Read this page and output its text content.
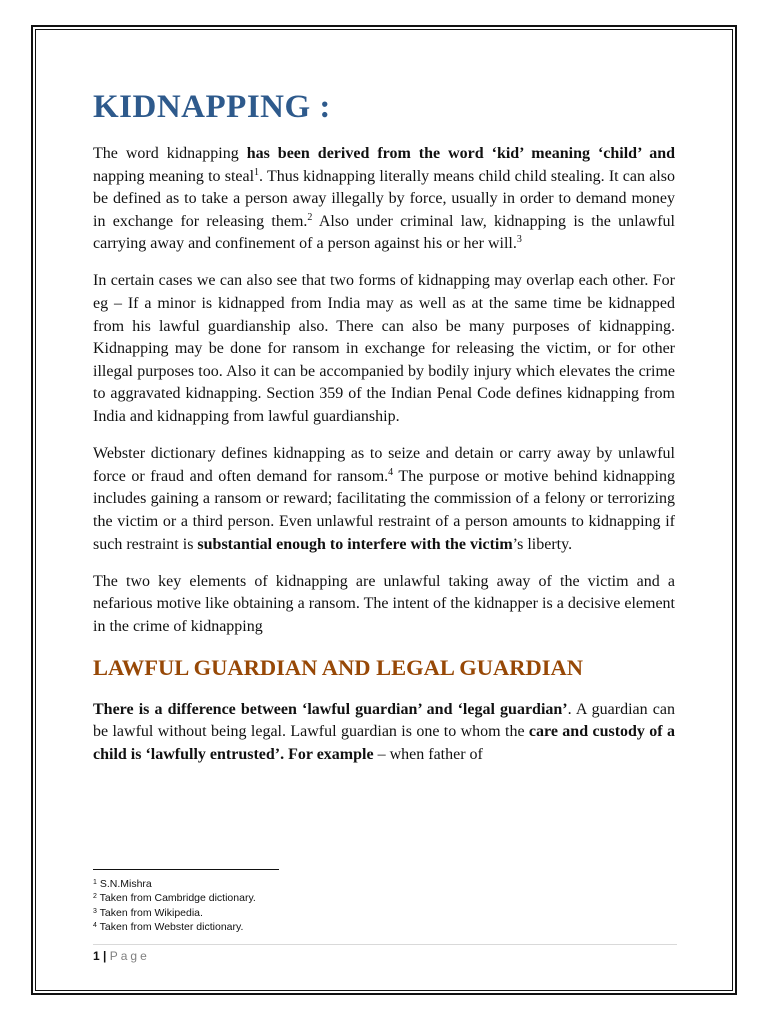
KIDNAPPING :

The word kidnapping has been derived from the word ‘kid’ meaning ‘child’ and napping meaning to steal$^1$. Thus kidnapping literally means child child stealing. It can also be defined as to take a person away illegally by force, usually in order to demand money in exchange for releasing them.$^2$ Also under criminal law, kidnapping is the unlawful carrying away and confinement of a person against his or her will.$^3$

In certain cases we can also see that two forms of kidnapping may overlap each other. For eg – If a minor is kidnapped from India may as well as at the same time be kidnapped from his lawful guardianship also. There can also be many purposes of kidnapping. Kidnapping may be done for ransom in exchange for releasing the victim, or for other illegal purposes too. Also it can be accompanied by bodily injury which elevates the crime to aggravated kidnapping. Section 359 of the Indian Penal Code defines kidnapping from India and kidnapping from lawful guardianship.

Webster dictionary defines kidnapping as to seize and detain or carry away by unlawful force or fraud and often demand for ransom.$^4$ The purpose or motive behind kidnapping includes gaining a ransom or reward; facilitating the commission of a felony or terrorizing the victim or a third person. Even unlawful restraint of a person amounts to kidnapping if such restraint is substantial enough to interfere with the victim’s liberty.

The two key elements of kidnapping are unlawful taking away of the victim and a nefarious motive like obtaining a ransom. The intent of the kidnapper is a decisive element in the crime of kidnapping

LAWFUL GUARDIAN AND LEGAL GUARDIAN

There is a difference between ‘lawful guardian’ and ‘legal guardian’. A guardian can be lawful without being legal. Lawful guardian is one to whom the care and custody of a child is ‘lawfully entrusted’. For example – when father of

$^1$ S.N.Mishra
$^2$ Taken from Cambridge dictionary.
$^3$ Taken from Wikipedia.
$^4$ Taken from Webster dictionary.
1 | Page
